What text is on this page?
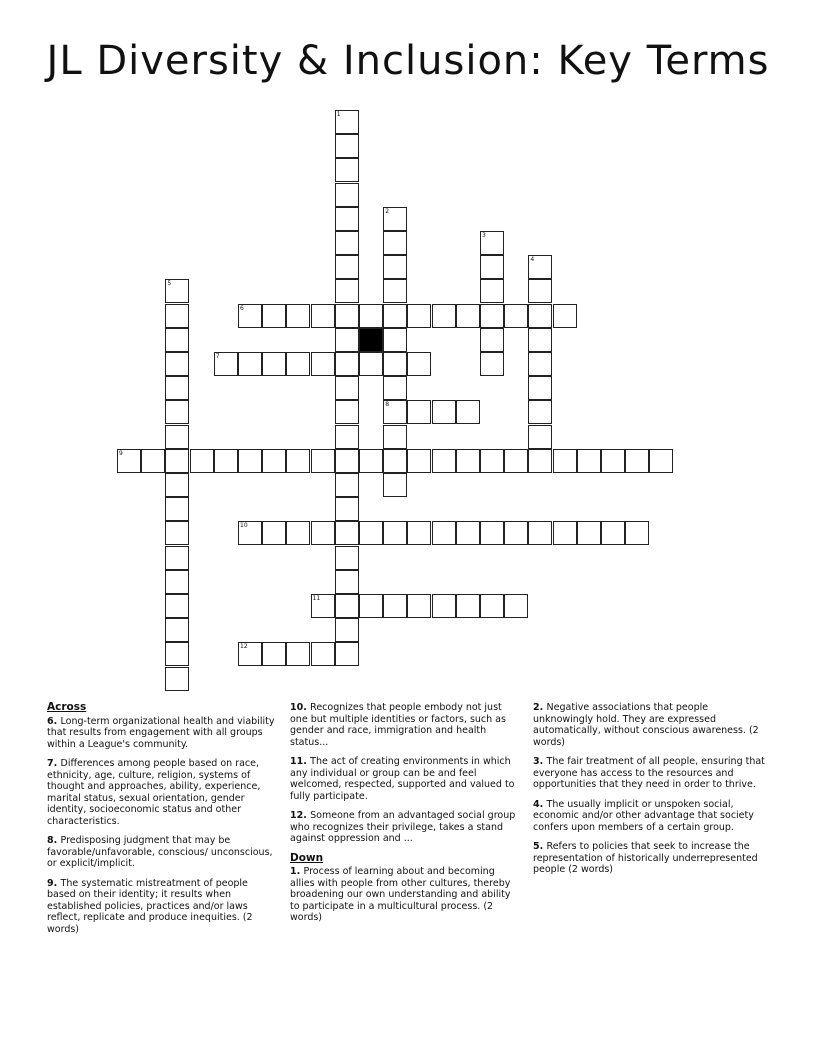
JL Diversity & Inclusion: Key Terms
1
2
8
3
4
5
6
7
9
10
11
12
Across
6. Long-term organizational health and viability that results from engagement with all groups within a League's community.
7. Differences among people based on race, ethnicity, age, culture, religion, systems of thought and approaches, ability, experience, marital status, sexual orientation, gender identity, socioeconomic status and other characteristics.
8. Predisposing judgment that may be favorable/unfavorable, conscious/ unconscious, or explicit/implicit.
9. The systematic mistreatment of people based on their identity; it results when established policies, practices and/or laws reflect, replicate and produce inequities. (2 words)
10. Recognizes that people embody not just one but multiple identities or factors, such as gender and race, immigration and health status...
11. The act of creating environments in which any individual or group can be and feel welcomed, respected, supported and valued to fully participate.
12. Someone from an advantaged social group who recognizes their privilege, takes a stand against oppression and ...
Down
1. Process of learning about and becoming allies with people from other cultures, thereby broadening our own understanding and ability to participate in a multicultural process. (2 words)
2. Negative associations that people unknowingly hold. They are expressed automatically, without conscious awareness. (2 words)
3. The fair treatment of all people, ensuring that everyone has access to the resources and opportunities that they need in order to thrive.
4. The usually implicit or unspoken social, economic and/or other advantage that society confers upon members of a certain group.
5. Refers to policies that seek to increase the representation of historically underrepresented people (2 words)
